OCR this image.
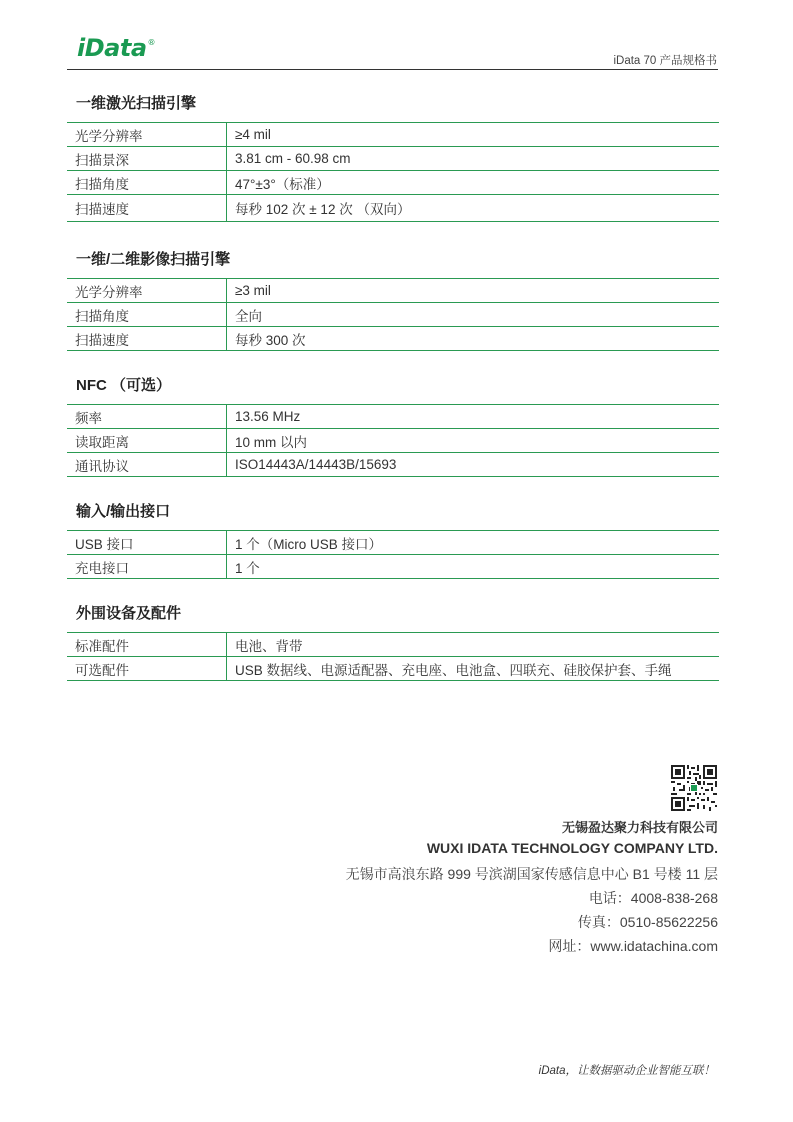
iData®
iData 70 产品规格书
一维激光扫描引擎
光学分辨率	≥4 mil
扫描景深	3.81 cm - 60.98 cm
扫描角度	47°±3°（标准）
扫描速度	每秒 102 次 ± 12 次 （双向）
一维/二维影像扫描引擎
光学分辨率	≥3 mil
扫描角度	全向
扫描速度	每秒 300 次
NFC （可选）
频率	13.56 MHz
读取距离	10 mm 以内
通讯协议	ISO14443A/14443B/15693
输入/输出接口
USB 接口	1 个（Micro USB 接口）
充电接口	1 个
外围设备及配件
标准配件	电池、背带
可选配件	USB 数据线、电源适配器、充电座、电池盒、四联充、硅胶保护套、手绳
无锡盈达聚力科技有限公司
WUXI IDATA TECHNOLOGY COMPANY LTD.
无锡市高浪东路 999 号滨湖国家传感信息中心 B1 号楼 11 层
电话：4008-838-268
传真：0510-85622256
网址：www.idatachina.com
iData，让数据驱动企业智能互联！
